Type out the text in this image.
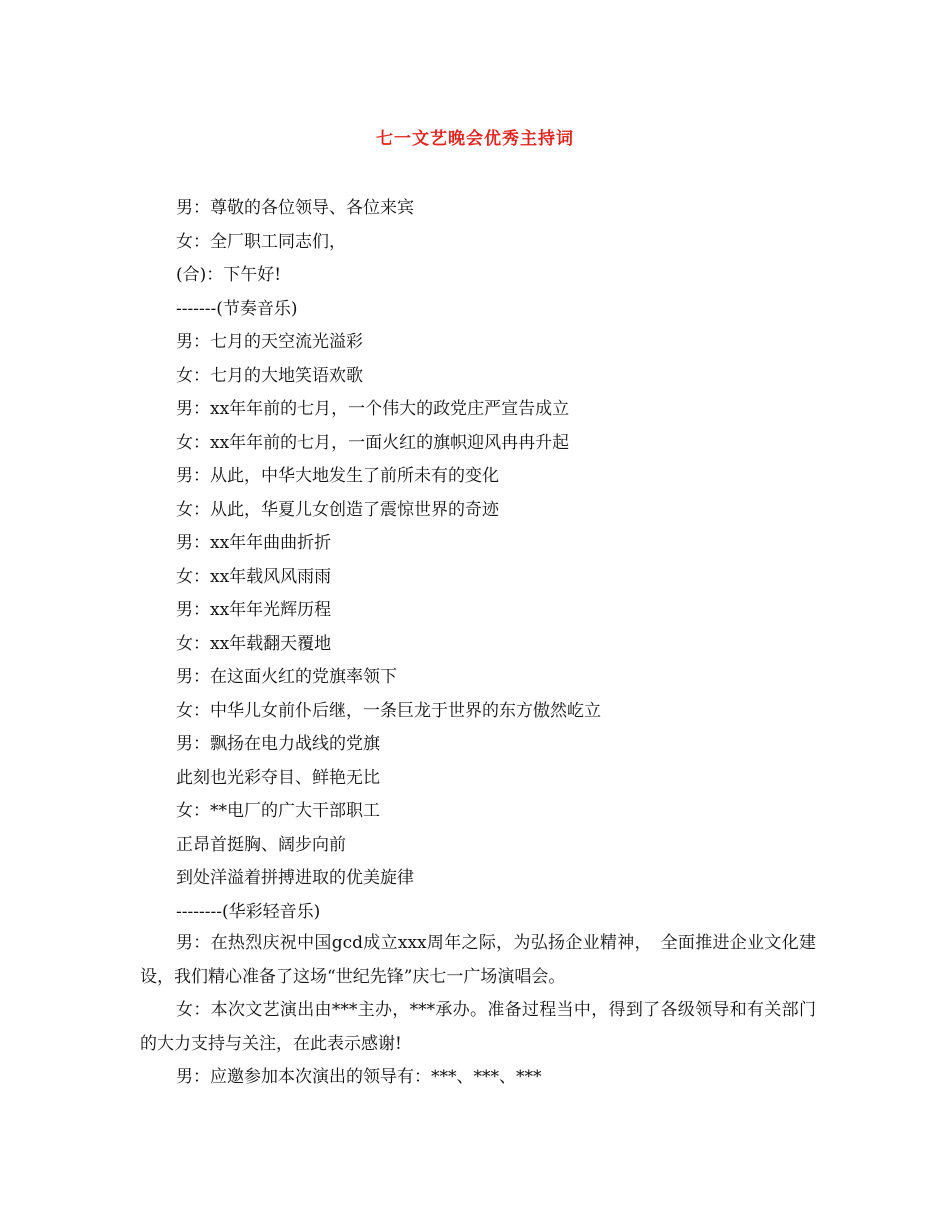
七一文艺晚会优秀主持词
男：尊敬的各位领导、各位来宾
女：全厂职工同志们，
(合)：下午好!
-------(节奏音乐)
男：七月的天空流光溢彩
女：七月的大地笑语欢歌
男：xx年年前的七月，一个伟大的政党庄严宣告成立
女：xx年年前的七月，一面火红的旗帜迎风冉冉升起
男：从此，中华大地发生了前所未有的变化
女：从此，华夏儿女创造了震惊世界的奇迹
男：xx年年曲曲折折
女：xx年载风风雨雨
男：xx年年光辉历程
女：xx年载翻天覆地
男：在这面火红的党旗率领下
女：中华儿女前仆后继，一条巨龙于世界的东方傲然屹立
男：飘扬在电力战线的党旗
此刻也光彩夺目、鲜艳无比
女：**电厂的广大干部职工
正昂首挺胸、阔步向前
到处洋溢着拼搏进取的优美旋律
--------(华彩轻音乐)

男：在热烈庆祝中国gcd成立xxx周年之际，为弘扬企业精神，　全面推进企业文化建设，我们精心准备了这场“世纪先锋”庆七一广场演唱会。

女：本次文艺演出由***主办，***承办。准备过程当中，得到了各级领导和有关部门的大力支持与关注，在此表示感谢!

男：应邀参加本次演出的领导有：***、***、***
